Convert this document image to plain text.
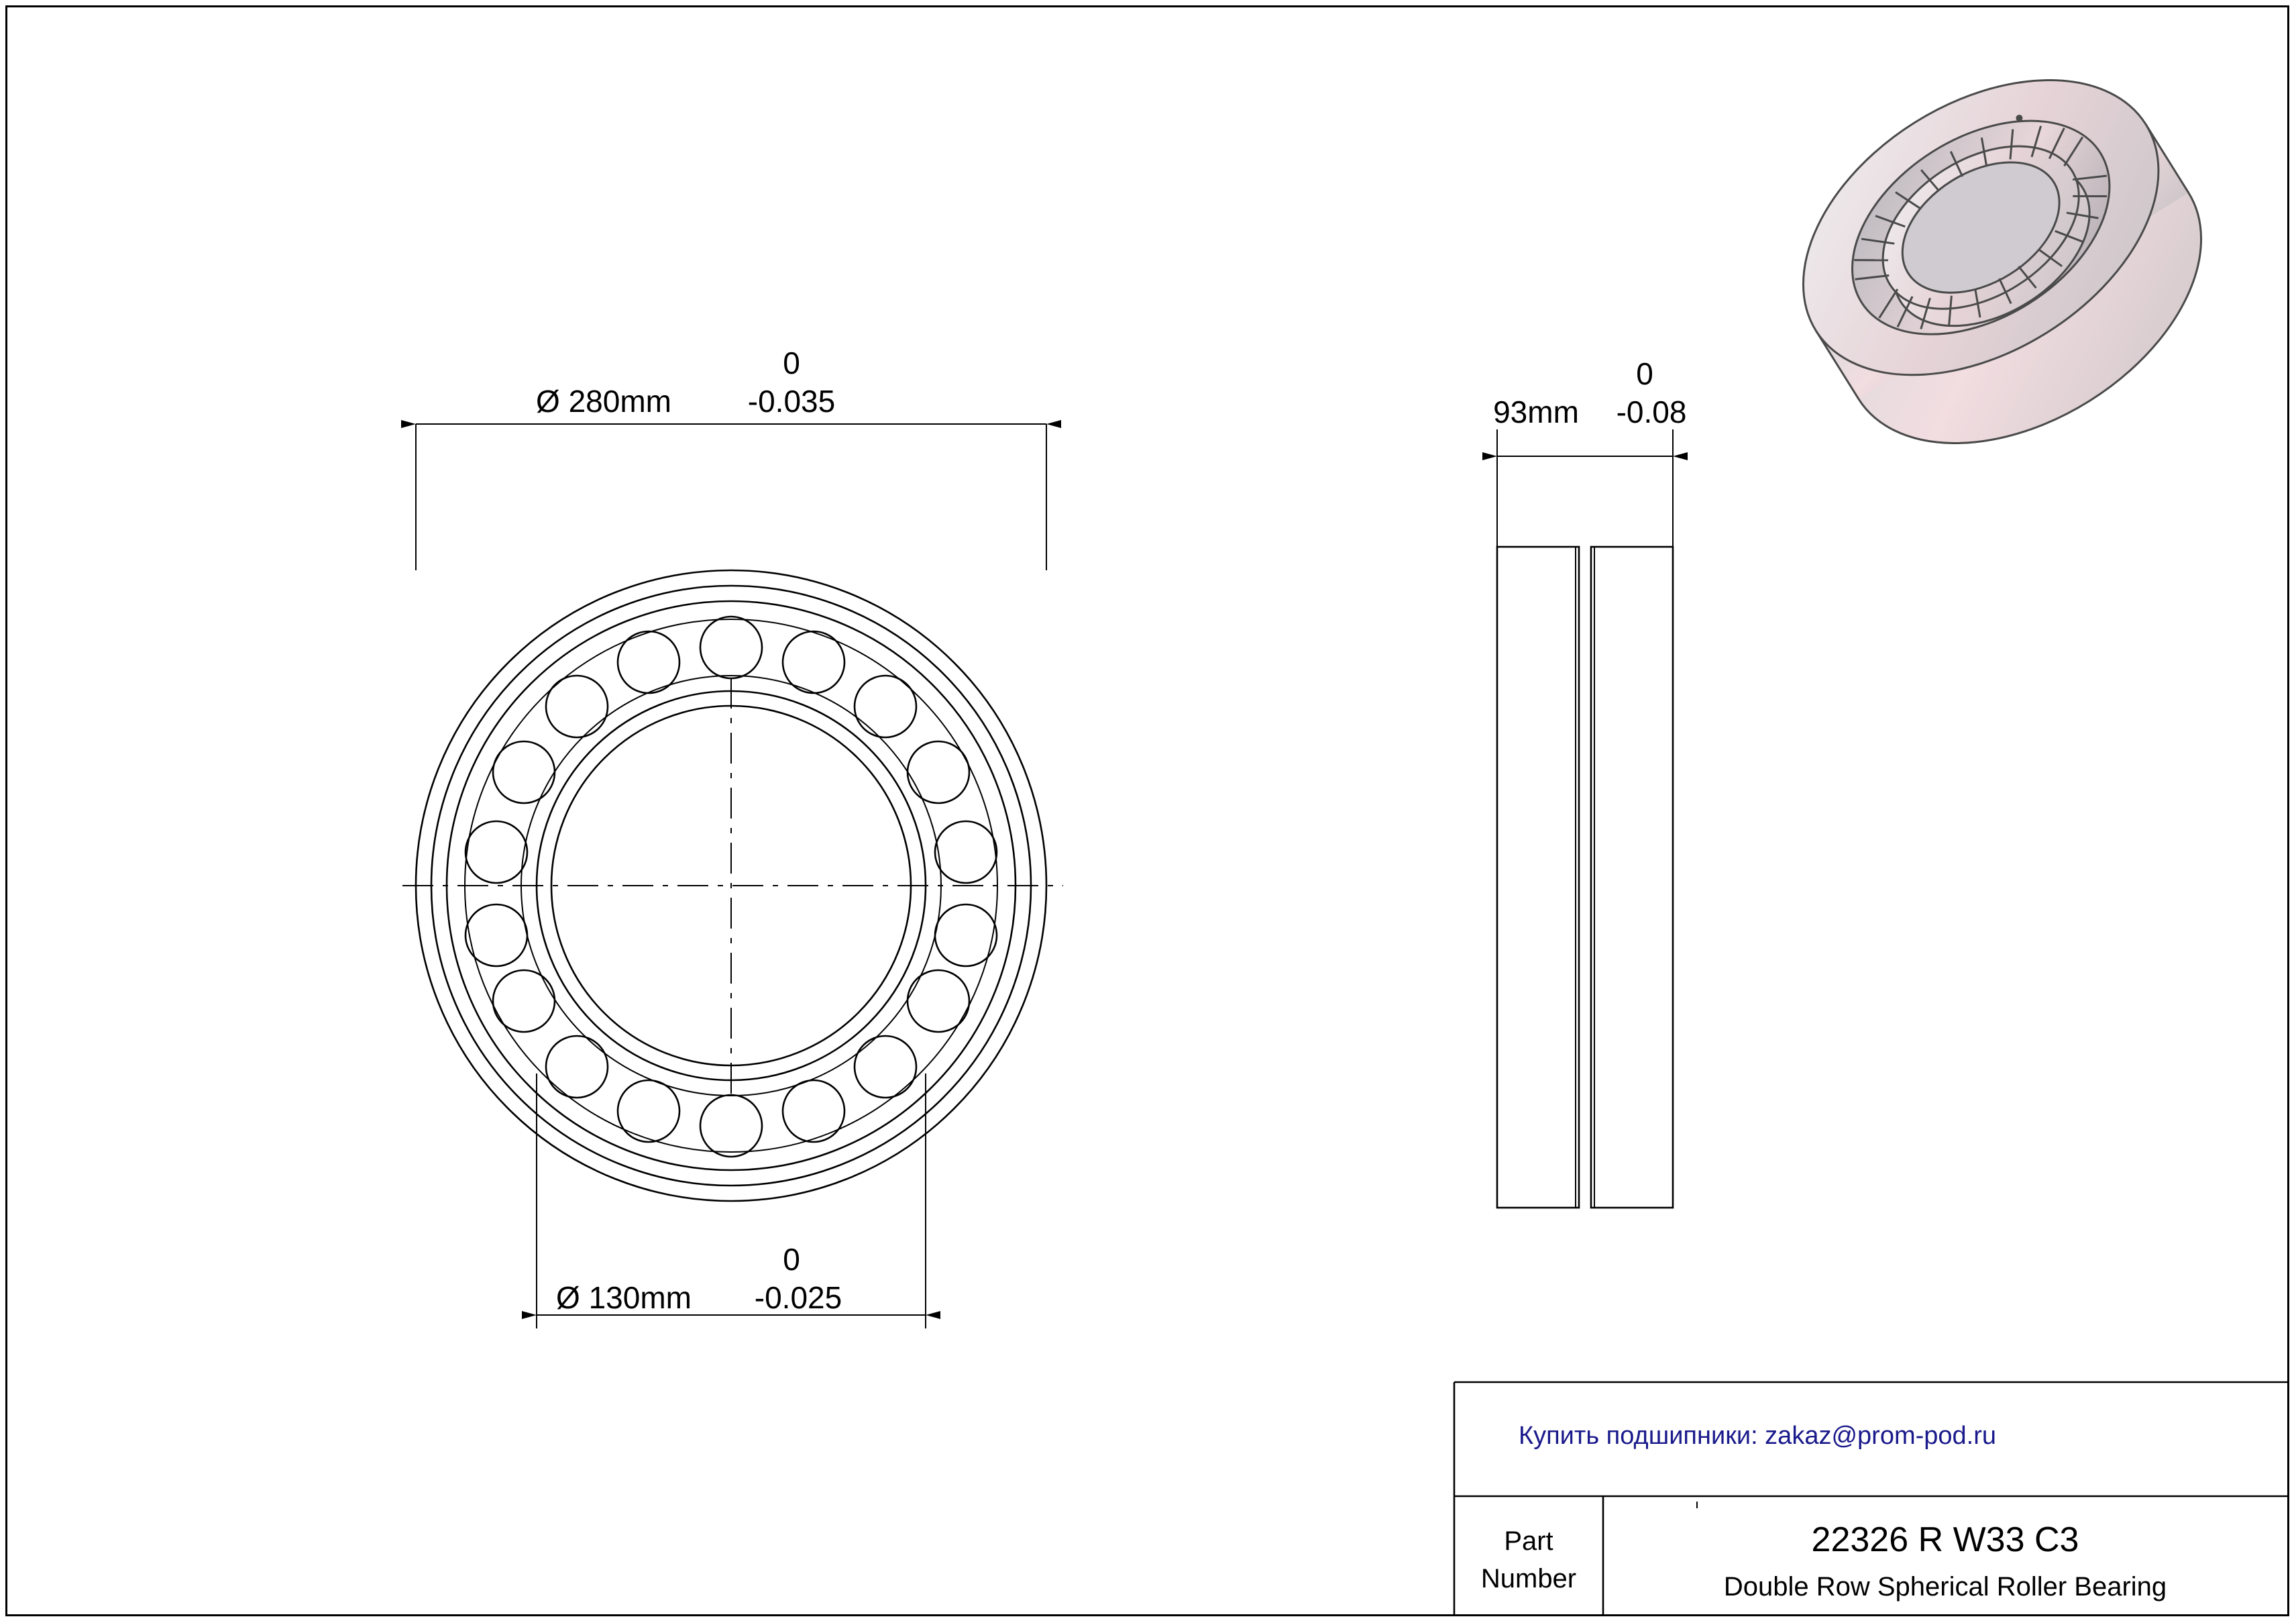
0
Ø 280mm -0.035
0
Ø 130mm -0.025
0
93mm -0.08
Купить подшипники: zakaz@prom-pod.ru
Part
Number
22326 R W33 C3
Double Row Spherical Roller Bearing
